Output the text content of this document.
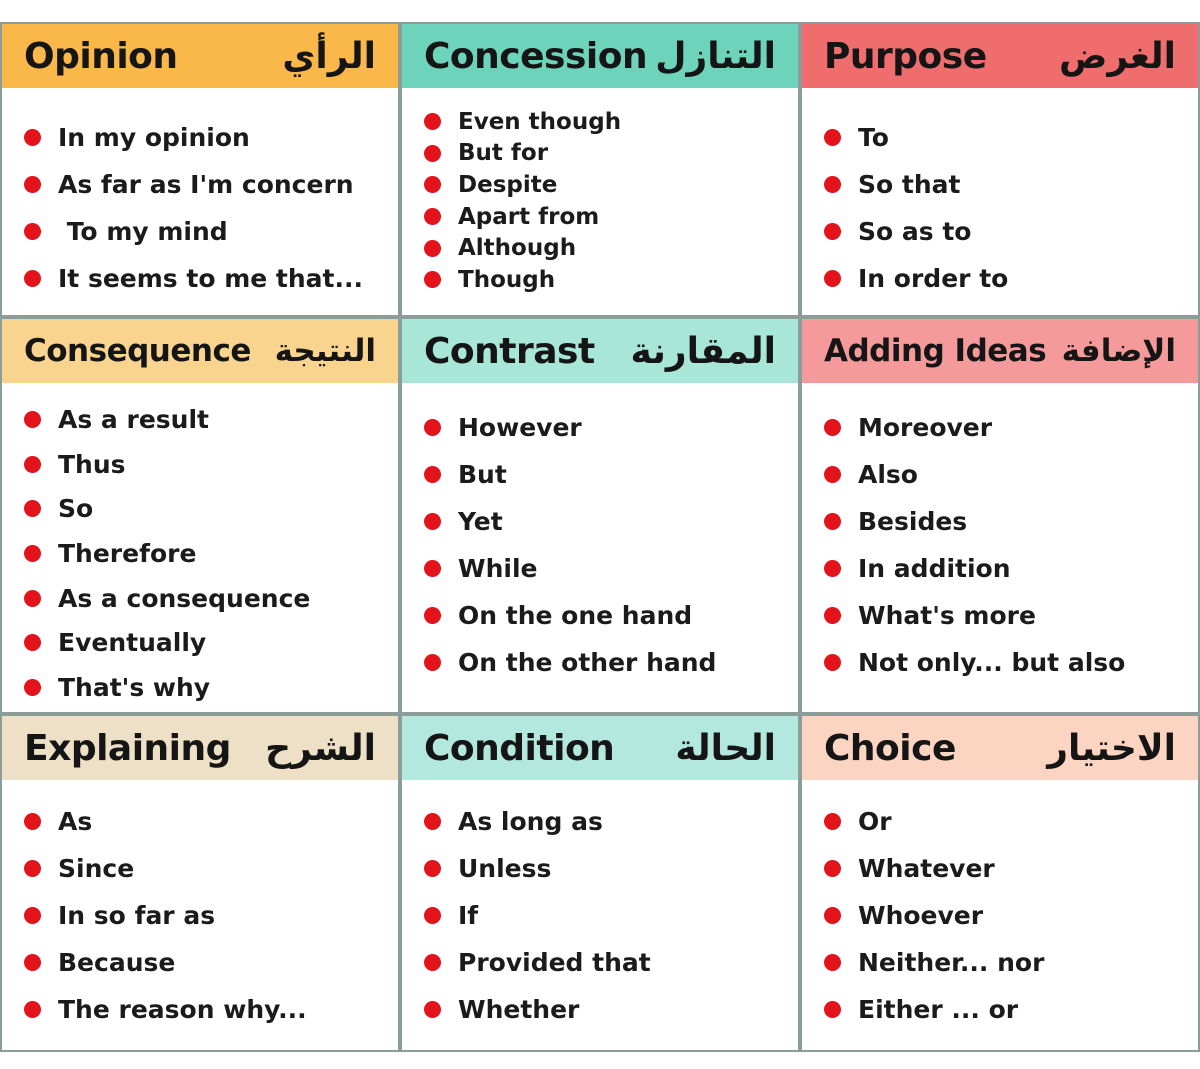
Opinion	الرأي
In my opinion
As far as I'm concern
To my mind
It seems to me that...
Concession التنازل
Even though
But for
Despite
Apart from
Although
Though
Purpose الغرض
To
So that
So as to
In order to
Consequence النتيجة
As a result
Thus
So
Therefore
As a consequence
Eventually
That's why
Contrast المقارنة
However
But
Yet
While
On the one hand
On the other hand
Adding Ideas الإضافة
Moreover
Also
Besides
In addition
What's more
Not only... but also
Explaining الشرح
As
Since
In so far as
Because
The reason why...
Condition الحالة
As long as
Unless
If
Provided that
Whether
Choice	الاختيار
Or
Whatever
Whoever
Neither... nor
Either ... or
